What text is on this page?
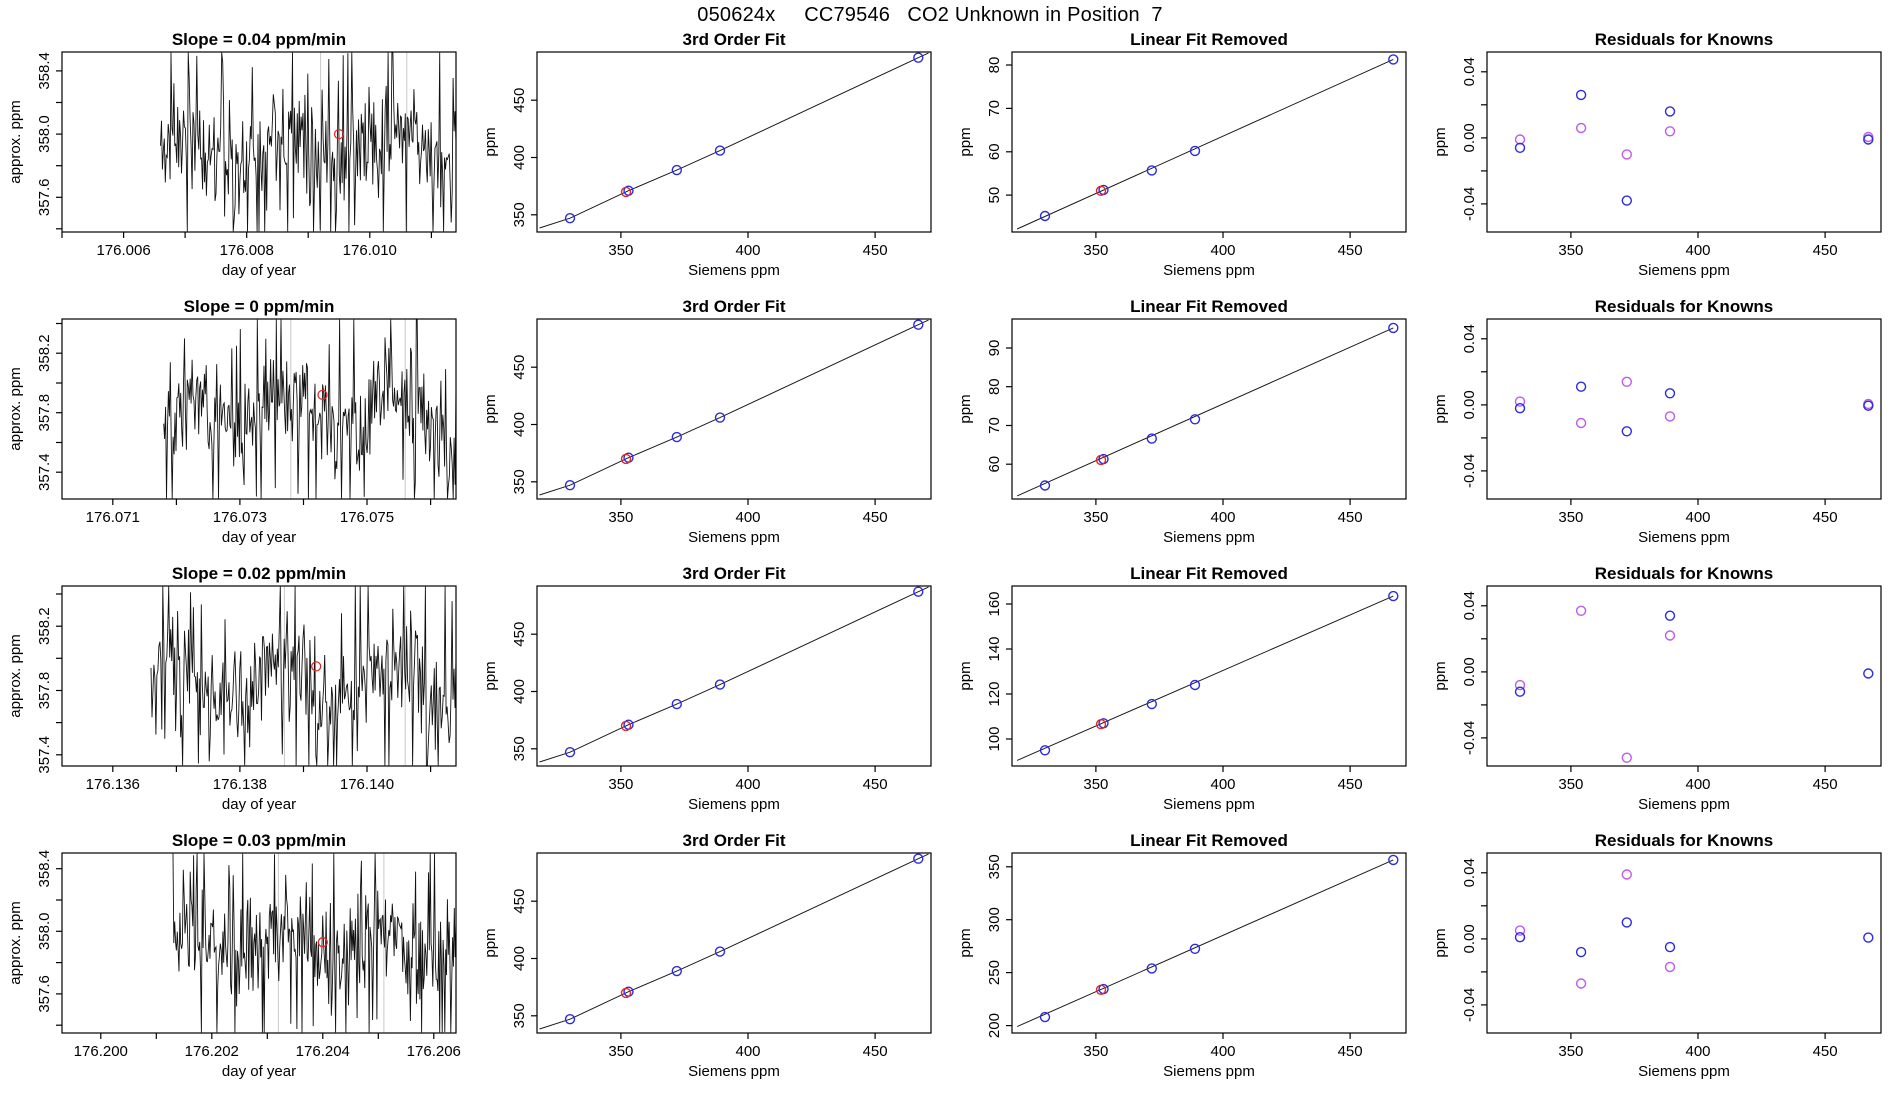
050624x     CC79546   CO2 Unknown in Position  7
176.006	176.008	176.010
357.6
358.0
358.4
Slope = 0.04 ppm/min
day of year
approx. ppm
350	400	450
350
400
450
3rd Order Fit
Siemens ppm
ppm
350	400	450
50
60
70
80
Linear Fit Removed
Siemens ppm
ppm
350	400	450
-0.04
0.00
0.04
Residuals for Knowns
Siemens ppm
ppm
176.071	176.073	176.075
357.4
357.8
358.2
Slope = 0 ppm/min
day of year
approx. ppm
350	400	450
350
400
450
3rd Order Fit
Siemens ppm
ppm
350	400	450
60
70
80
90
Linear Fit Removed
Siemens ppm
ppm
350	400	450
-0.04
0.00
0.04
Residuals for Knowns
Siemens ppm
ppm
176.136	176.138	176.140
357.4
357.8
358.2
Slope = 0.02 ppm/min
day of year
approx. ppm
350	400	450
350
400
450
3rd Order Fit
Siemens ppm
ppm
350	400	450
100
120
140
160
Linear Fit Removed
Siemens ppm
ppm
350	400	450
-0.04
0.00
0.04
Residuals for Knowns
Siemens ppm
ppm
176.200	176.202	176.204	176.206
357.6
358.0
358.4
Slope = 0.03 ppm/min
day of year
approx. ppm
350	400	450
350
400
450
3rd Order Fit
Siemens ppm
ppm
350	400	450
200
250
300
350
Linear Fit Removed
Siemens ppm
ppm
350	400	450
-0.04
0.00
0.04
Residuals for Knowns
Siemens ppm
ppm
